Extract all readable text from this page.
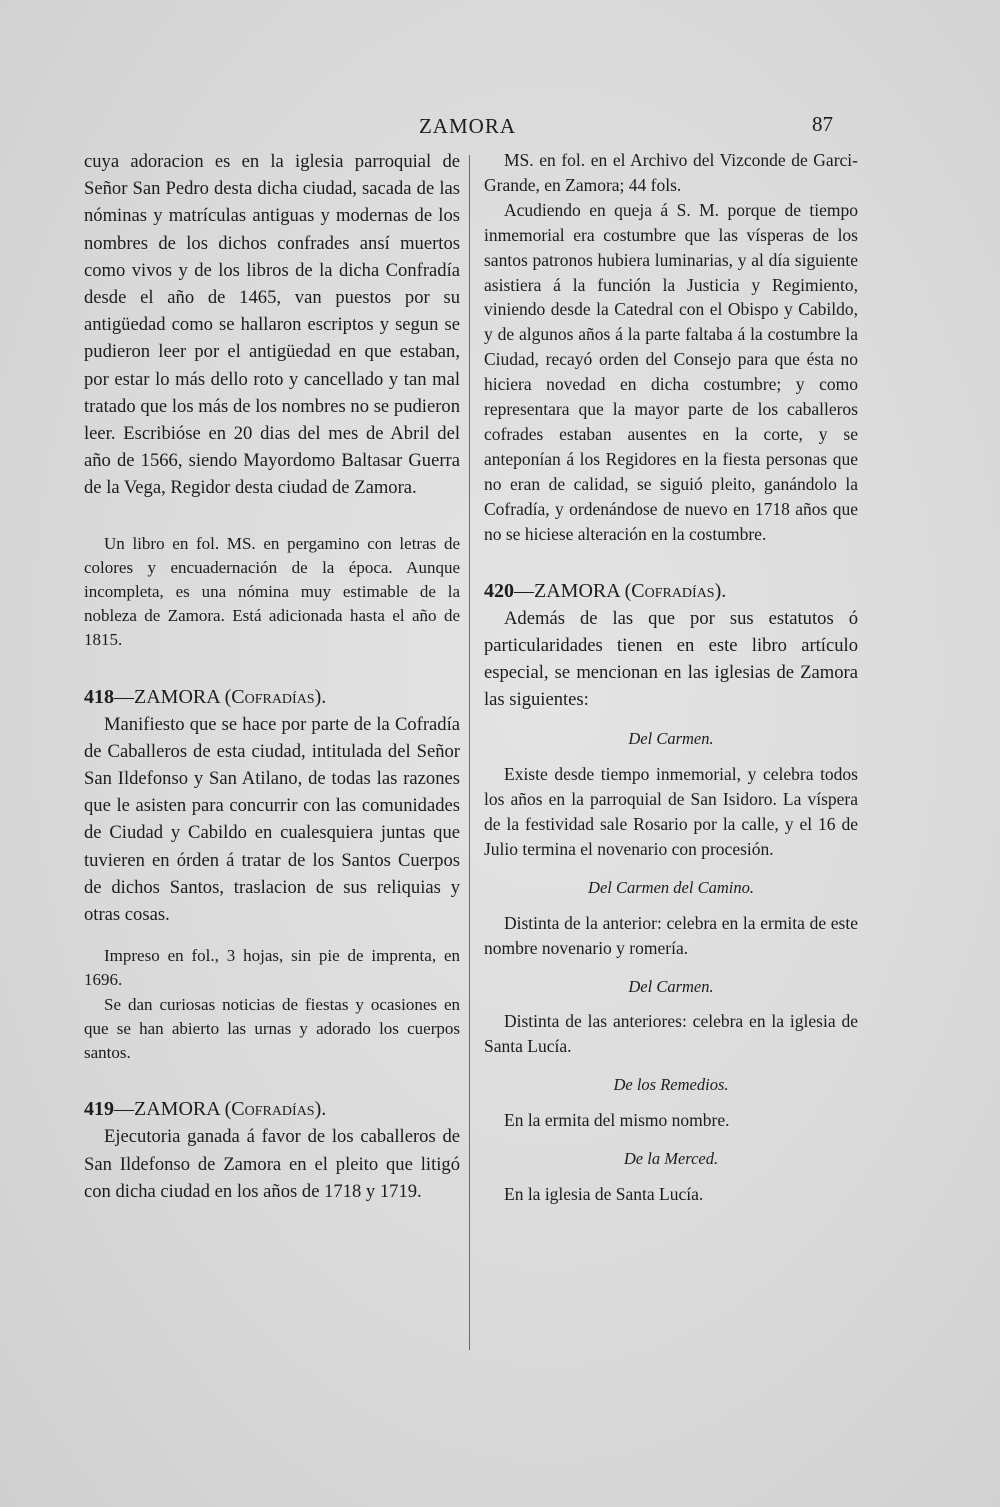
ZAMORA	87

cuya adoracion es en la iglesia parroquial de Señor San Pedro desta dicha ciudad, sacada de las nóminas y matrículas antiguas y modernas de los nombres de los dichos confrades ansí muertos como vivos y de los libros de la dicha Confradía desde el año de 1465, van puestos por su antigüedad como se hallaron escriptos y segun se pudieron leer por el antigüedad en que estaban, por estar lo más dello roto y cancellado y tan mal tratado que los más de los nombres no se pudieron leer. Escribióse en 20 dias del mes de Abril del año de 1566, siendo Mayordomo Baltasar Guerra de la Vega, Regidor desta ciudad de Zamora.

Un libro en fol. MS. en pergamino con letras de colores y encuadernación de la época. Aunque incompleta, es una nómina muy estimable de la nobleza de Zamora. Está adicionada hasta el año de 1815.

418—ZAMORA (Cofradías).

Manifiesto que se hace por parte de la Cofradía de Caballeros de esta ciudad, intitulada del Señor San Ildefonso y San Atilano, de todas las razones que le asisten para concurrir con las comunidades de Ciudad y Cabildo en cualesquiera juntas que tuvieren en órden á tratar de los Santos Cuerpos de dichos Santos, traslacion de sus reliquias y otras cosas.

Impreso en fol., 3 hojas, sin pie de imprenta, en 1696.

Se dan curiosas noticias de fiestas y ocasiones en que se han abierto las urnas y adorado los cuerpos santos.

419—ZAMORA (Cofradías).

Ejecutoria ganada á favor de los caballeros de San Ildefonso de Zamora en el pleito que litigó con dicha ciudad en los años de 1718 y 1719.

MS. en fol. en el Archivo del Vizconde de Garci-Grande, en Zamora; 44 fols.

Acudiendo en queja á S. M. porque de tiempo inmemorial era costumbre que las vísperas de los santos patronos hubiera luminarias, y al día siguiente asistiera á la función la Justicia y Regimiento, viniendo desde la Catedral con el Obispo y Cabildo, y de algunos años á la parte faltaba á la costumbre la Ciudad, recayó orden del Consejo para que ésta no hiciera novedad en dicha costumbre; y como representara que la mayor parte de los caballeros cofrades estaban ausentes en la corte, y se anteponían á los Regidores en la fiesta personas que no eran de calidad, se siguió pleito, ganándolo la Cofradía, y ordenándose de nuevo en 1718 años que no se hiciese alteración en la costumbre.

420—ZAMORA (Cofradías).

Además de las que por sus estatutos ó particularidades tienen en este libro artículo especial, se mencionan en las iglesias de Zamora las siguientes:

Del Carmen.

Existe desde tiempo inmemorial, y celebra todos los años en la parroquial de San Isidoro. La víspera de la festividad sale Rosario por la calle, y el 16 de Julio termina el novenario con procesión.

Del Carmen del Camino.

Distinta de la anterior: celebra en la ermita de este nombre novenario y romería.

Del Carmen.

Distinta de las anteriores: celebra en la iglesia de Santa Lucía.

De los Remedios.

En la ermita del mismo nombre.

De la Merced.

En la iglesia de Santa Lucía.
